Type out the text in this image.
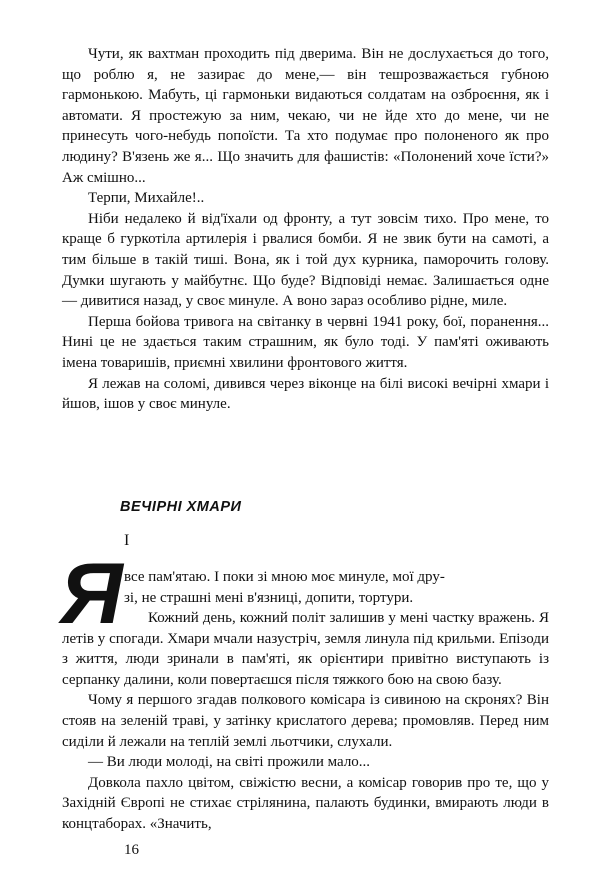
Чути, як вахтман проходить під дверима. Він не дослухається до того, що роблю я, не зазирає до мене,— він тешрозважається губною гармонькою. Мабуть, ці гармоньки видаються солдатам на озброєння, як і автомати. Я простежую за ним, чекаю, чи не йде хто до мене, чи не принесуть чого-небудь попоїсти. Та хто подумає про полоненого як про людину? В'язень же я... Що значить для фашистів: «Полонений хоче їсти?» Аж смішно...

Терпи, Михайле!..

Ніби недалеко й від'їхали од фронту, а тут зовсім тихо. Про мене, то краще б гуркотіла артилерія і рвалися бомби. Я не звик бути на самоті, а тим більше в такій тиші. Вона, як і той дух курника, паморочить голову. Думки шугають у майбутнє. Що буде? Відповіді немає. Залишається одне — дивитися назад, у своє минуле. А воно зараз особливо рідне, миле.

Перша бойова тривога на світанку в червні 1941 року, бої, поранення... Нині це не здається таким страшним, як було тоді. У пам'яті оживають імена товаришів, приємні хвилини фронтового життя.

Я лежав на соломі, дивився через віконце на білі високі вечірні хмари і йшов, ішов у своє минуле.

ВЕЧІРНІ ХМАРИ
I
Я все пам'ятаю. І поки зі мною моє минуле, мої дру-

зі, не страшні мені в'язниці, допити, тортури.

Кожний день, кожний політ залишив у мені частку вражень. Я летів у спогади. Хмари мчали назустріч, земля линула під крильми. Епізоди з життя, люди зринали в пам'яті, як орієнтири привітно виступають із серпанку далини, коли повертаєшся після тяжкого бою на свою базу.

Чому я першого згадав полкового комісара із сивиною на скронях? Він стояв на зеленій траві, у затінку крислатого дерева; промовляв. Перед ним сиділи й лежали на теплій землі льотчики, слухали.

— Ви люди молоді, на світі прожили мало...

Довкола пахло цвітом, свіжістю весни, а комісар говорив про те, що у Західній Європі не стихає стрілянина, палають будинки, вмирають люди в концтаборах. «Значить,

16
